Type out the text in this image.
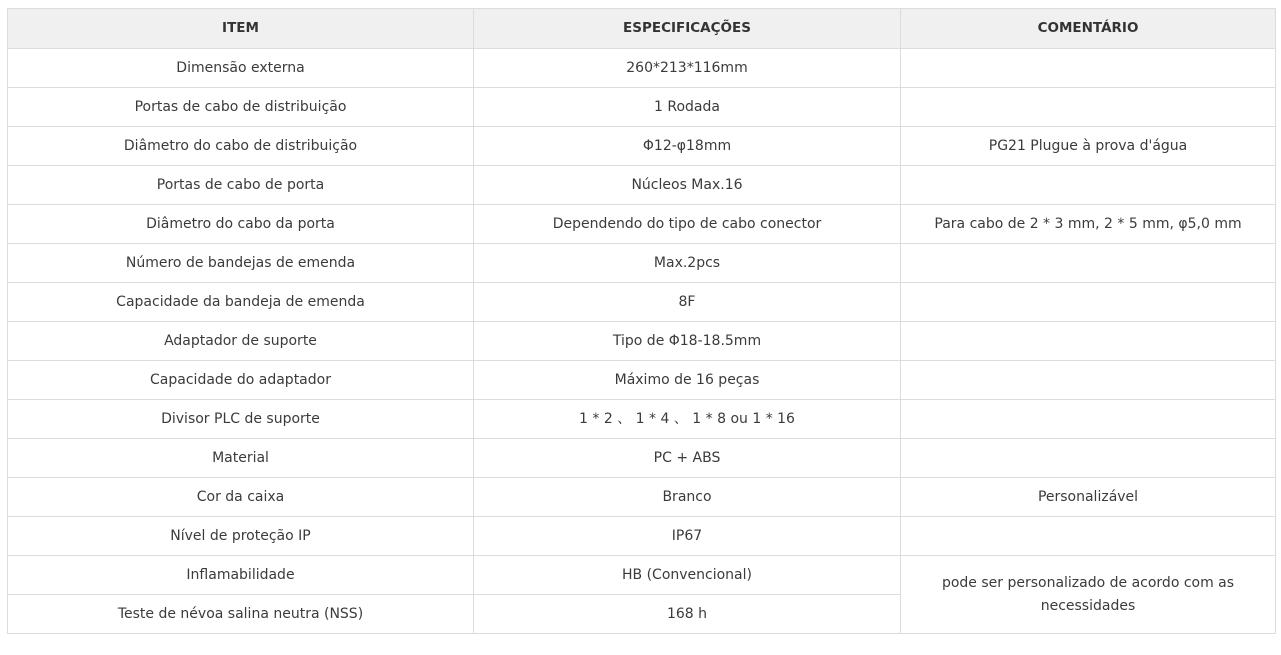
ITEM	ESPECIFICAÇÕES	COMENTÁRIO
Dimensão externa	260*213*116mm	
Portas de cabo de distribuição	1 Rodada	
Diâmetro do cabo de distribuição	Φ12-φ18mm	PG21 Plugue à prova d'água
Portas de cabo de porta	Núcleos Max.16	
Diâmetro do cabo da porta	Dependendo do tipo de cabo conector	Para cabo de 2 * 3 mm, 2 * 5 mm, φ5,0 mm
Número de bandejas de emenda	Max.2pcs	
Capacidade da bandeja de emenda	8F	
Adaptador de suporte	Tipo de Φ18-18.5mm	
Capacidade do adaptador	Máximo de 16 peças	
Divisor PLC de suporte	1 * 2 、 1 * 4 、 1 * 8 ou 1 * 16	
Material	PC + ABS	
Cor da caixa	Branco	Personalizável
Nível de proteção IP	IP67	
Inflamabilidade	HB (Convencional)	pode ser personalizado de acordo com as necessidades
Teste de névoa salina neutra (NSS)	168 h	
